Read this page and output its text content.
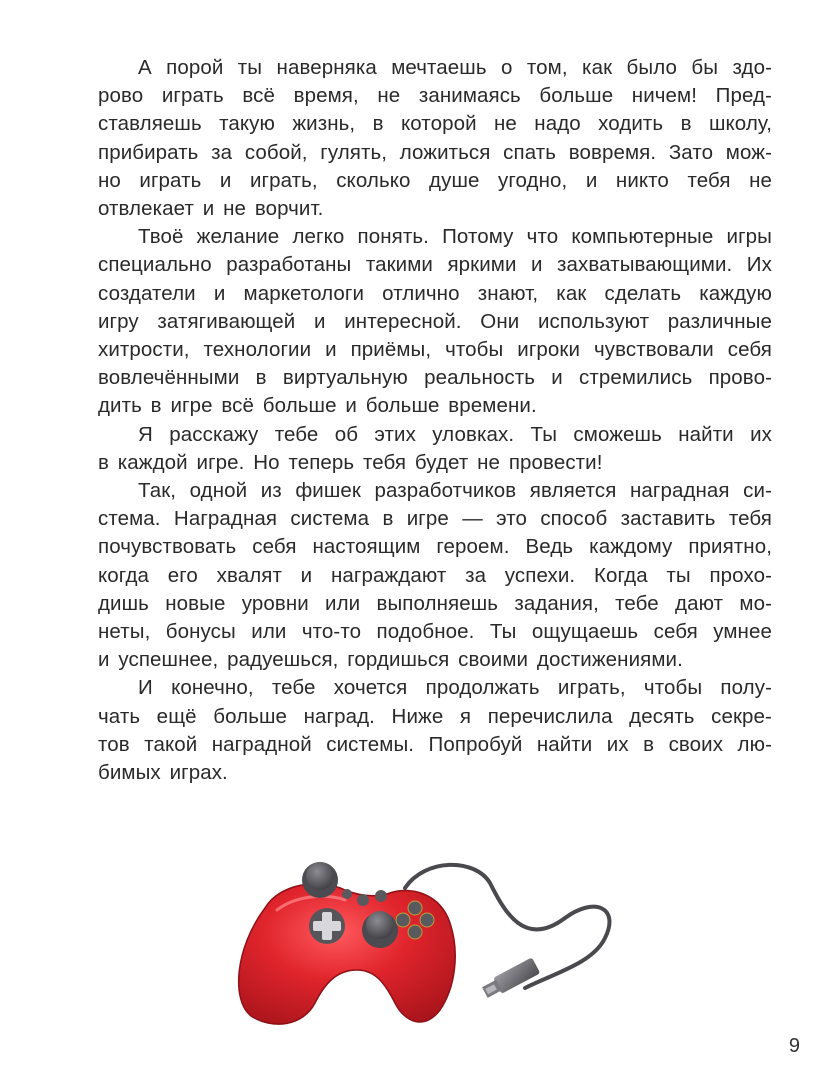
А порой ты наверняка мечтаешь о том, как было бы здо-
рово играть всё время, не занимаясь больше ничем! Пред-
ставляешь такую жизнь, в которой не надо ходить в школу,
прибирать за собой, гулять, ложиться спать вовремя. Зато мож-
но играть и играть, сколько душе угодно, и никто тебя не
отвлекает и не ворчит.

Твоё желание легко понять. Потому что компьютерные игры
специально разработаны такими яркими и захватывающими. Их
создатели и маркетологи отлично знают, как сделать каждую
игру затягивающей и интересной. Они используют различные
хитрости, технологии и приёмы, чтобы игроки чувствовали себя
вовлечёнными в виртуальную реальность и стремились прово-
дить в игре всё больше и больше времени.

Я расскажу тебе об этих уловках. Ты сможешь найти их
в каждой игре. Но теперь тебя будет не провести!

Так, одной из фишек разработчиков является наградная си-
стема. Наградная система в игре — это способ заставить тебя
почувствовать себя настоящим героем. Ведь каждому приятно,
когда его хвалят и награждают за успехи. Когда ты прохо-
дишь новые уровни или выполняешь задания, тебе дают мо-
неты, бонусы или что-то подобное. Ты ощущаешь себя умнее
и успешнее, радуешься, гордишься своими достижениями.

И конечно, тебе хочется продолжать играть, чтобы полу-
чать ещё больше наград. Ниже я перечислила десять секре-
тов такой наградной системы. Попробуй найти их в своих лю-
бимых играх.

9
